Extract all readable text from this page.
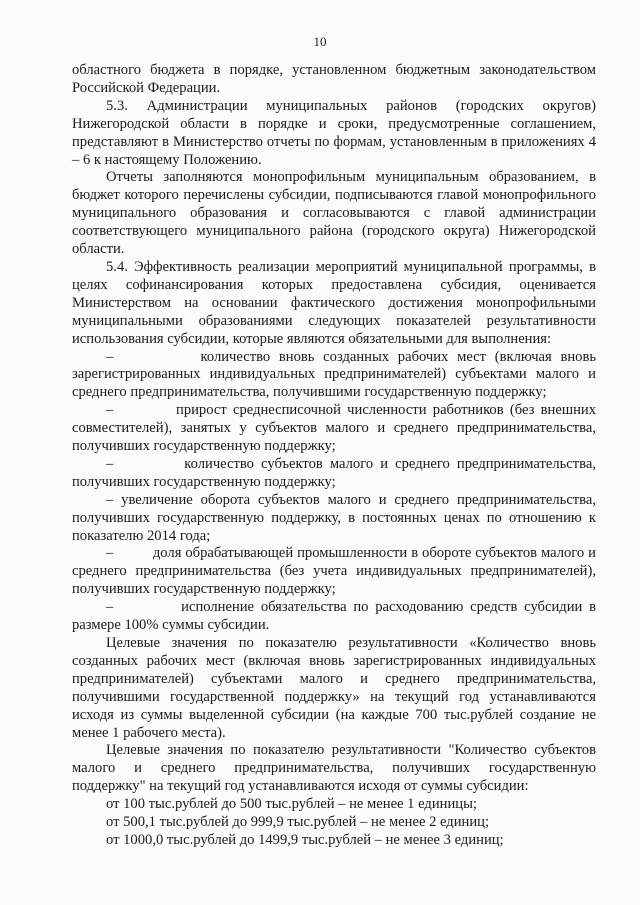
10

областного бюджета в порядке, установленном бюджетным законодательством Российской Федерации.

5.3. Администрации муниципальных районов (городских округов) Нижегородской области в порядке и сроки, предусмотренные соглашением, представляют в Министерство отчеты по формам, установленным в приложениях 4 – 6 к настоящему Положению.

Отчеты заполняются монопрофильным муниципальным образованием, в бюджет которого перечислены субсидии, подписываются главой монопрофильного муниципального образования и согласовываются с главой администрации соответствующего муниципального района (городского округа) Нижегородской области.

5.4. Эффективность реализации мероприятий муниципальной программы, в целях софинансирования которых предоставлена субсидия, оценивается Министерством на основании фактического достижения монопрофильными муниципальными образованиями следующих показателей результативности использования субсидии, которые являются обязательными для выполнения:

–          количество вновь созданных рабочих мест (включая вновь зарегистрированных индивидуальных предпринимателей) субъектами малого и среднего предпринимательства, получившими государственную поддержку;

–          прирост среднесписочной численности работников (без внешних совместителей), занятых у субъектов малого и среднего предпринимательства, получивших государственную поддержку;

–          количество субъектов малого и среднего предпринимательства, получивших государственную поддержку;

– увеличение оборота субъектов малого и среднего предпринимательства, получивших государственную поддержку, в постоянных ценах по отношению к показателю 2014 года;

–          доля обрабатывающей промышленности в обороте субъектов малого и среднего предпринимательства (без учета индивидуальных предпринимателей), получивших государственную поддержку;

–          исполнение обязательства по расходованию средств субсидии в размере 100% суммы субсидии.

Целевые значения по показателю результативности «Количество вновь созданных рабочих мест (включая вновь зарегистрированных индивидуальных предпринимателей) субъектами малого и среднего предпринимательства, получившими государственной поддержку» на текущий год устанавливаются исходя из суммы выделенной субсидии (на каждые 700 тыс.рублей создание не менее 1 рабочего места).

Целевые значения по показателю результативности "Количество субъектов малого и среднего предпринимательства, получивших государственную поддержку" на текущий год устанавливаются исходя от суммы субсидии:

от 100 тыс.рублей до 500 тыс.рублей – не менее 1 единицы;

от 500,1 тыс.рублей до 999,9 тыс.рублей – не менее 2 единиц;

от 1000,0 тыс.рублей до 1499,9 тыс.рублей – не менее 3 единиц;
